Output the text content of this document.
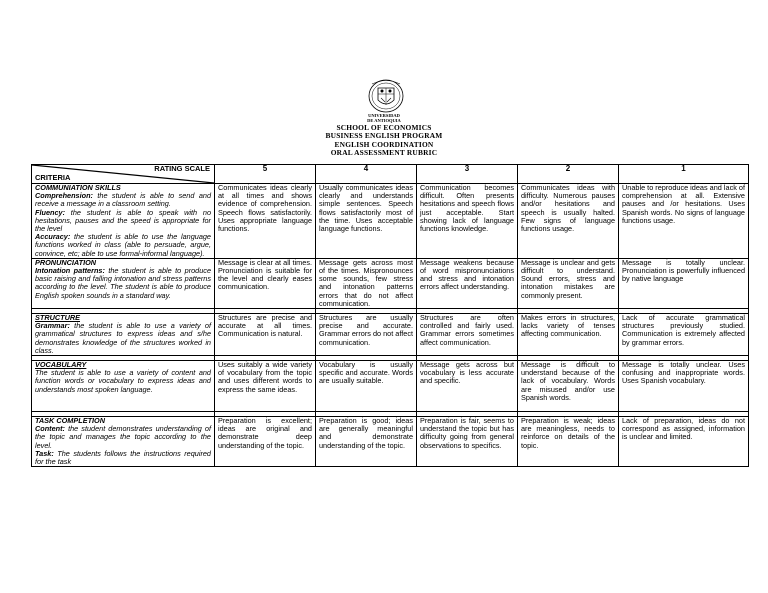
UNIVERSIDAD
DE ANTIOQUIA
SCHOOL OF ECONOMICS
BUSINESS ENGLISH PROGRAM
ENGLISH COORDINATION
ORAL ASSESSMENT RUBRIC
RATING SCALE
CRITERIA	5	4	3	2	1

COMMUNIATION SKILLS
Comprehension: the student is able to send and receive a message in a classroom setting.
Fluency: the student is able to speak with no hesitations, pauses and the speed is appropriate for the level
Accuracy: the student is able to use the language functions worked in class (able to persuade, argue, convince, etc; able to use formal-informal language).	Communicates ideas clearly at all times and shows evidence of comprehension. Speech flows satisfactorily. Uses appropriate language functions.	Usually communicates ideas clearly and understands simple sentences. Speech flows satisfactorily most of the time. Uses acceptable language functions.	Communication becomes difficult. Often presents hesitations and speech flows just acceptable. Start showing lack of language functions knowledge.	Communicates ideas with difficulty. Numerous pauses and/or hesitations and speech is usually halted. Few signs of language functions usage.	Unable to reproduce ideas and lack of comprehension at all. Extensive pauses and /or hesitations. Uses Spanish words. No signs of language functions usage.

PRONUNCIATION
Intonation patterns: the student is able to produce basic raising and falling intonation and stress patterns according to the level. The student is able to produce English spoken sounds in a standard way.	Message is clear at all times. Pronunciation is suitable for the level and clearly eases communication.	Message gets across most of the times. Mispronounces some sounds, few stress and intonation patterns errors that do not affect communication.	Message weakens because of word mispronunciations and stress and intonation errors affect understanding.	Message is unclear and gets difficult to understand. Sound errors, stress and intonation mistakes are commonly present.	Message is totally unclear. Pronunciation is powerfully influenced by native language

STRUCTURE
Grammar: the student is able to use a variety of grammatical structures to express ideas and s/he demonstrates knowledge of the structures worked in class.	Structures are precise and accurate at all times. Communication is natural.	Structures are usually precise and accurate. Grammar errors do not affect communication.	Structures are often controlled and fairly used. Grammar errors sometimes affect communication.	Makes errors in structures, lacks variety of tenses affecting communication.	Lack of accurate grammatical structures previously studied. Communication is extremely affected by grammar errors.

VOCABULARY
The student is able to use a variety of content and function words or vocabulary to express ideas and understands most spoken language.	Uses suitably a wide variety of vocabulary from the topic and uses different words to express the same ideas.	Vocabulary is usually specific and accurate. Words are usually suitable.	Message gets across but vocabulary is less accurate and specific.	Message is difficult to understand because of the lack of vocabulary. Words are misused and/or use Spanish words.	Message is totally unclear. Uses confusing and inappropriate words. Uses Spanish vocabulary.

TASK COMPLETION
Content: the student demonstrates understanding of the topic and manages the topic according to the level.
Task: The students follows the instructions required for the task	Preparation is excellent; ideas are original and demonstrate deep understanding of the topic.	Preparation is good; ideas are generally meaningful and demonstrate understanding of the topic.	Preparation is fair, seems to understand the topic but has difficulty going from general observations to specifics.	Preparation is weak; ideas are meaningless, needs to reinforce on details of the topic.	Lack of preparation, ideas do not correspond as assigned, information is unclear and limited.
